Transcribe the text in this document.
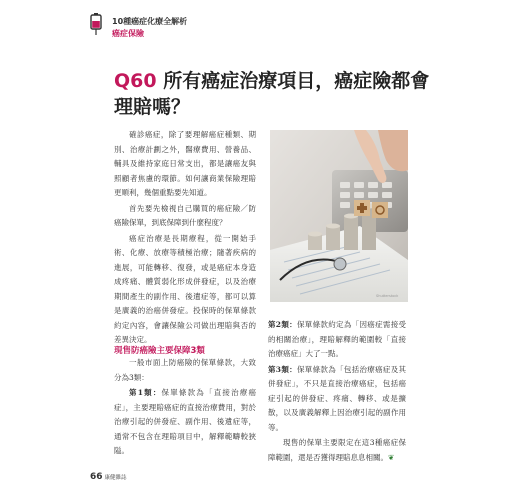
10種癌症化療全解析
癌症保險
Q60 所有癌症治療項目，癌症險都會理賠嗎？

確診癌症，除了要理解癌症種類、期別、治療計劃之外，醫療費用、營養品、輔具及維持家庭日常支出，都是讓癌友與照顧者焦慮的環節。如何讓商業保險理賠更順利，幾個重點要先知道。

首先要先檢視自己購買的癌症險／防癌險保單，到底保障到什麼程度？

癌症治療是長期療程，從一開始手術、化療、放療等積極治療；隨著疾病的進展，可能轉移、復發，或是癌症本身造成疼痛、體質弱化形成併發症，以及治療期間產生的副作用、後遺症等，都可以算是廣義的治癌併發症。投保時的保單條款約定內容，會讓保險公司做出理賠與否的差異決定。

現售防癌險主要保障3類

一般市面上防癌險的保單條款，大致分為3類：

第1類：保單條款為「直接治療癌症」，主要理賠癌症的直接治療費用，對於治療引起的併發症、副作用、後遺症等，通常不包含在理賠項目中，解釋範疇較狹隘。

Shutterstock

第2類：保單條款約定為「因癌症需接受的相關治療」，理賠解釋的範圍較「直接治療癌症」大了一點。

第3類：保單條款為「包括治療癌症及其併發症」，不只是直接治療癌症，包括癌症引起的併發症、疼痛、轉移、或是擴散，以及廣義解釋上因治療引起的副作用等。

現售的保單主要限定在這3種癌症保障範圍，還是否獲得理賠息息相關。❦

66 康健雜誌
